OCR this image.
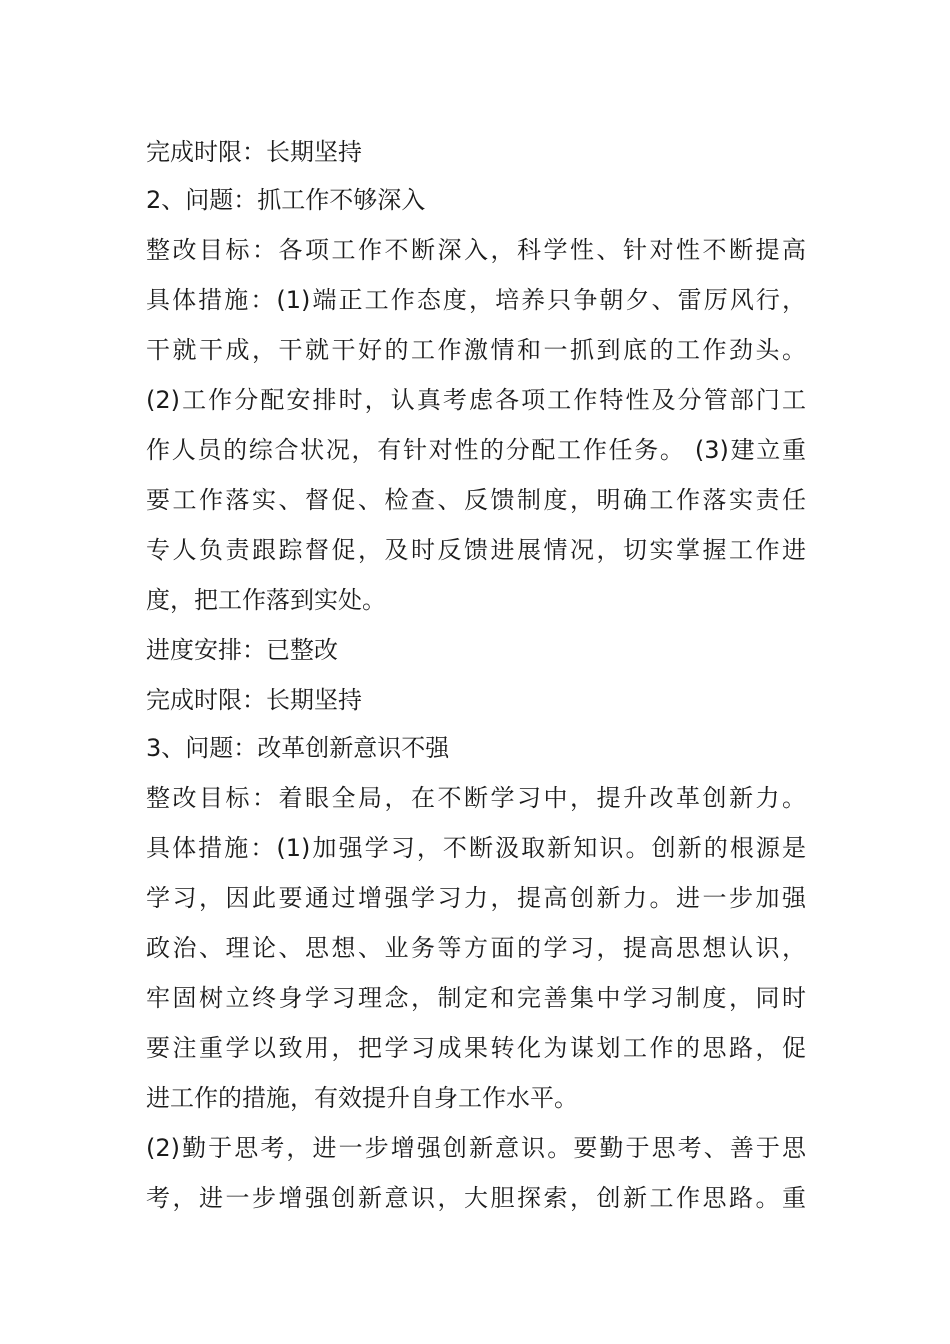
完成时限：长期坚持
2、问题：抓工作不够深入
整改目标：各项工作不断深入，科学性、针对性不断提高
具体措施：(1)端正工作态度，培养只争朝夕、雷厉风行，
干就干成，干就干好的工作激情和一抓到底的工作劲头。
(2)工作分配安排时，认真考虑各项工作特性及分管部门工
作人员的综合状况，有针对性的分配工作任务。 (3)建立重
要工作落实、督促、检查、反馈制度，明确工作落实责任
专人负责跟踪督促，及时反馈进展情况，切实掌握工作进
度，把工作落到实处。
进度安排：已整改
完成时限：长期坚持
3、问题：改革创新意识不强
整改目标：着眼全局，在不断学习中，提升改革创新力。
具体措施：(1)加强学习，不断汲取新知识。创新的根源是
学习，因此要通过增强学习力，提高创新力。进一步加强
政治、理论、思想、业务等方面的学习，提高思想认识，
牢固树立终身学习理念，制定和完善集中学习制度，同时
要注重学以致用，把学习成果转化为谋划工作的思路，促
进工作的措施，有效提升自身工作水平。
(2)勤于思考，进一步增强创新意识。要勤于思考、善于思
考，进一步增强创新意识，大胆探索，创新工作思路。重
